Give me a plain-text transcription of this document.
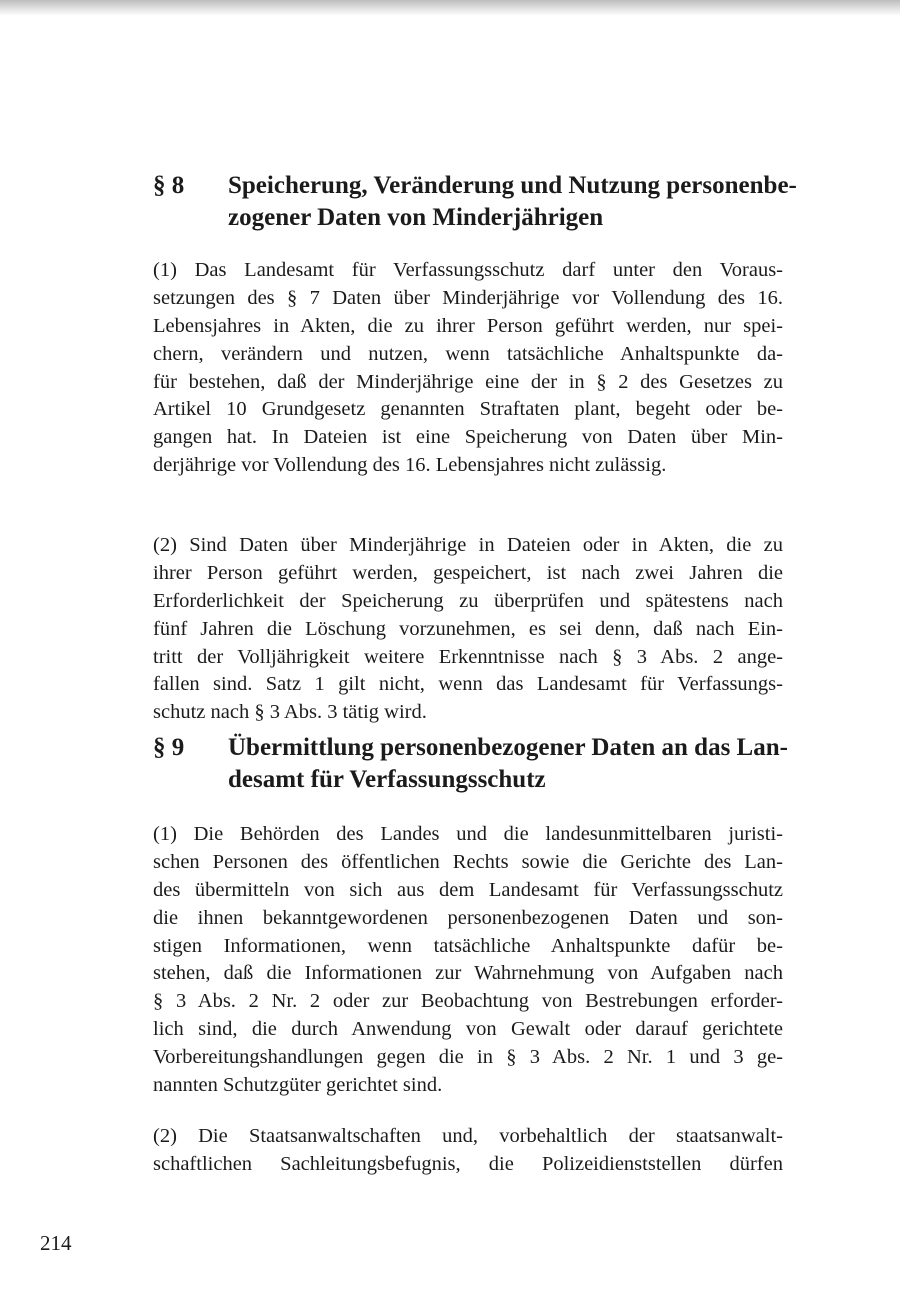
§ 8 Speicherung, Veränderung und Nutzung personenbe-
zogener Daten von Minderjährigen
(1) Das Landesamt für Verfassungsschutz darf unter den Voraus-
setzungen des § 7 Daten über Minderjährige vor Vollendung des 16.
Lebensjahres in Akten, die zu ihrer Person geführt werden, nur spei-
chern, verändern und nutzen, wenn tatsächliche Anhaltspunkte da-
für bestehen, daß der Minderjährige eine der in § 2 des Gesetzes zu
Artikel 10 Grundgesetz genannten Straftaten plant, begeht oder be-
gangen hat. In Dateien ist eine Speicherung von Daten über Min-
derjährige vor Vollendung des 16. Lebensjahres nicht zulässig.
(2) Sind Daten über Minderjährige in Dateien oder in Akten, die zu
ihrer Person geführt werden, gespeichert, ist nach zwei Jahren die
Erforderlichkeit der Speicherung zu überprüfen und spätestens nach
fünf Jahren die Löschung vorzunehmen, es sei denn, daß nach Ein-
tritt der Volljährigkeit weitere Erkenntnisse nach § 3 Abs. 2 ange-
fallen sind. Satz 1 gilt nicht, wenn das Landesamt für Verfassungs-
schutz nach § 3 Abs. 3 tätig wird.
§ 9 Übermittlung personenbezogener Daten an das Lan-
desamt für Verfassungsschutz
(1) Die Behörden des Landes und die landesunmittelbaren juristi-
schen Personen des öffentlichen Rechts sowie die Gerichte des Lan-
des übermitteln von sich aus dem Landesamt für Verfassungsschutz
die ihnen bekanntgewordenen personenbezogenen Daten und son-
stigen Informationen, wenn tatsächliche Anhaltspunkte dafür be-
stehen, daß die Informationen zur Wahrnehmung von Aufgaben nach
§ 3 Abs. 2 Nr. 2 oder zur Beobachtung von Bestrebungen erforder-
lich sind, die durch Anwendung von Gewalt oder darauf gerichtete
Vorbereitungshandlungen gegen die in § 3 Abs. 2 Nr. 1 und 3 ge-
nannten Schutzgüter gerichtet sind.
(2) Die Staatsanwaltschaften und, vorbehaltlich der staatsanwalt-
schaftlichen Sachleitungsbefugnis, die Polizeidienststellen dürfen
214
